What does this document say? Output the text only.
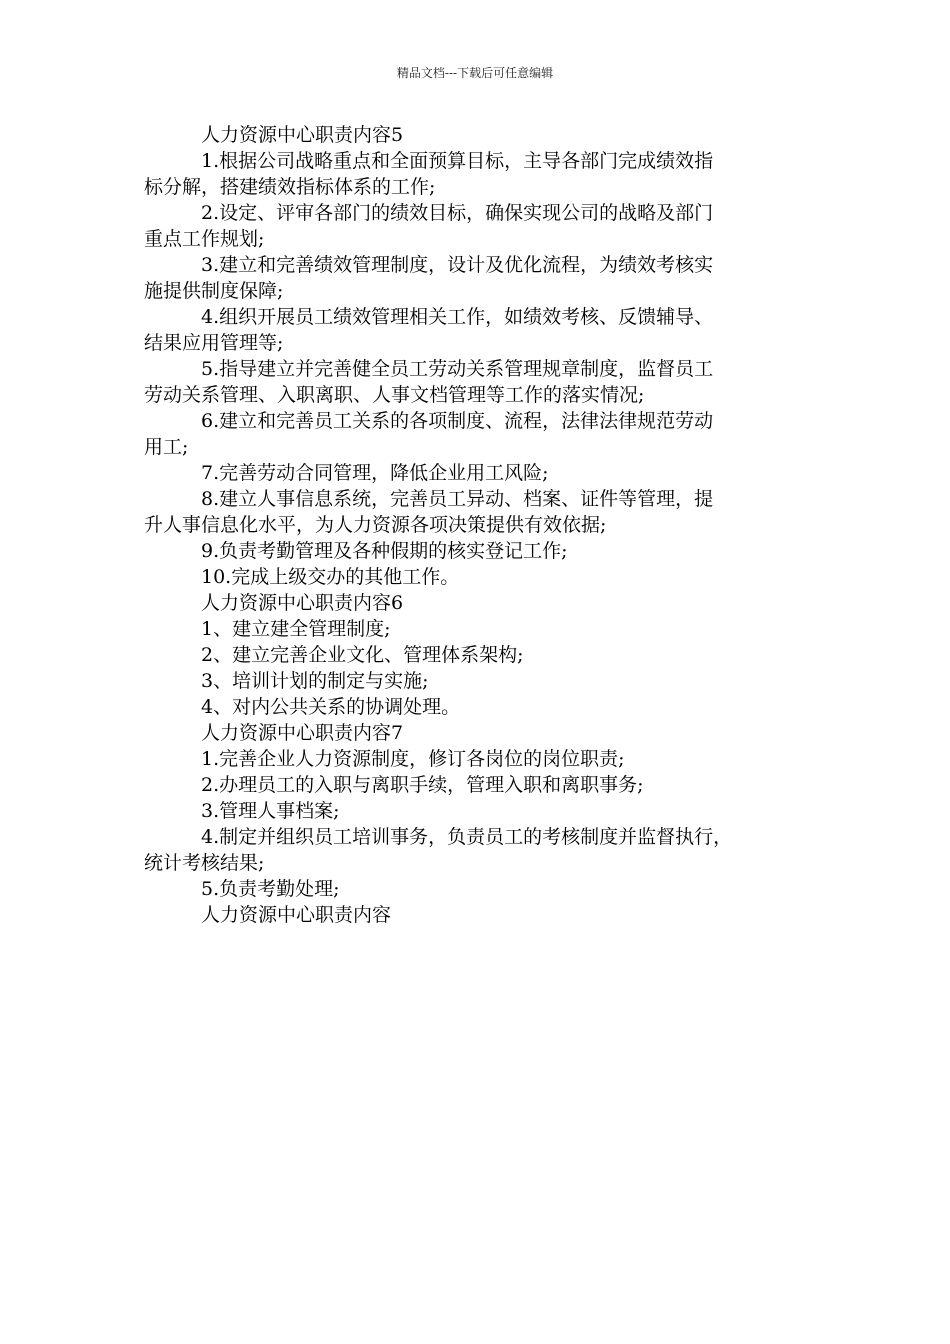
精品文档---下载后可任意编辑

人力资源中心职责内容5

1.根据公司战略重点和全面预算目标，主导各部门完成绩效指
标分解，搭建绩效指标体系的工作;

2.设定、评审各部门的绩效目标，确保实现公司的战略及部门
重点工作规划;

3.建立和完善绩效管理制度，设计及优化流程，为绩效考核实
施提供制度保障;

4.组织开展员工绩效管理相关工作，如绩效考核、反馈辅导、
结果应用管理等;

5.指导建立并完善健全员工劳动关系管理规章制度，监督员工
劳动关系管理、入职离职、人事文档管理等工作的落实情况;

6.建立和完善员工关系的各项制度、流程，法律法律规范劳动
用工;

7.完善劳动合同管理，降低企业用工风险;

8.建立人事信息系统，完善员工异动、档案、证件等管理，提
升人事信息化水平，为人力资源各项决策提供有效依据;

9.负责考勤管理及各种假期的核实登记工作;

10.完成上级交办的其他工作。

人力资源中心职责内容6

1、建立建全管理制度;

2、建立完善企业文化、管理体系架构;

3、培训计划的制定与实施;

4、对内公共关系的协调处理。

人力资源中心职责内容7

1.完善企业人力资源制度，修订各岗位的岗位职责;

2.办理员工的入职与离职手续，管理入职和离职事务;

3.管理人事档案;

4.制定并组织员工培训事务，负责员工的考核制度并监督执行，
统计考核结果;

5.负责考勤处理;

人力资源中心职责内容
